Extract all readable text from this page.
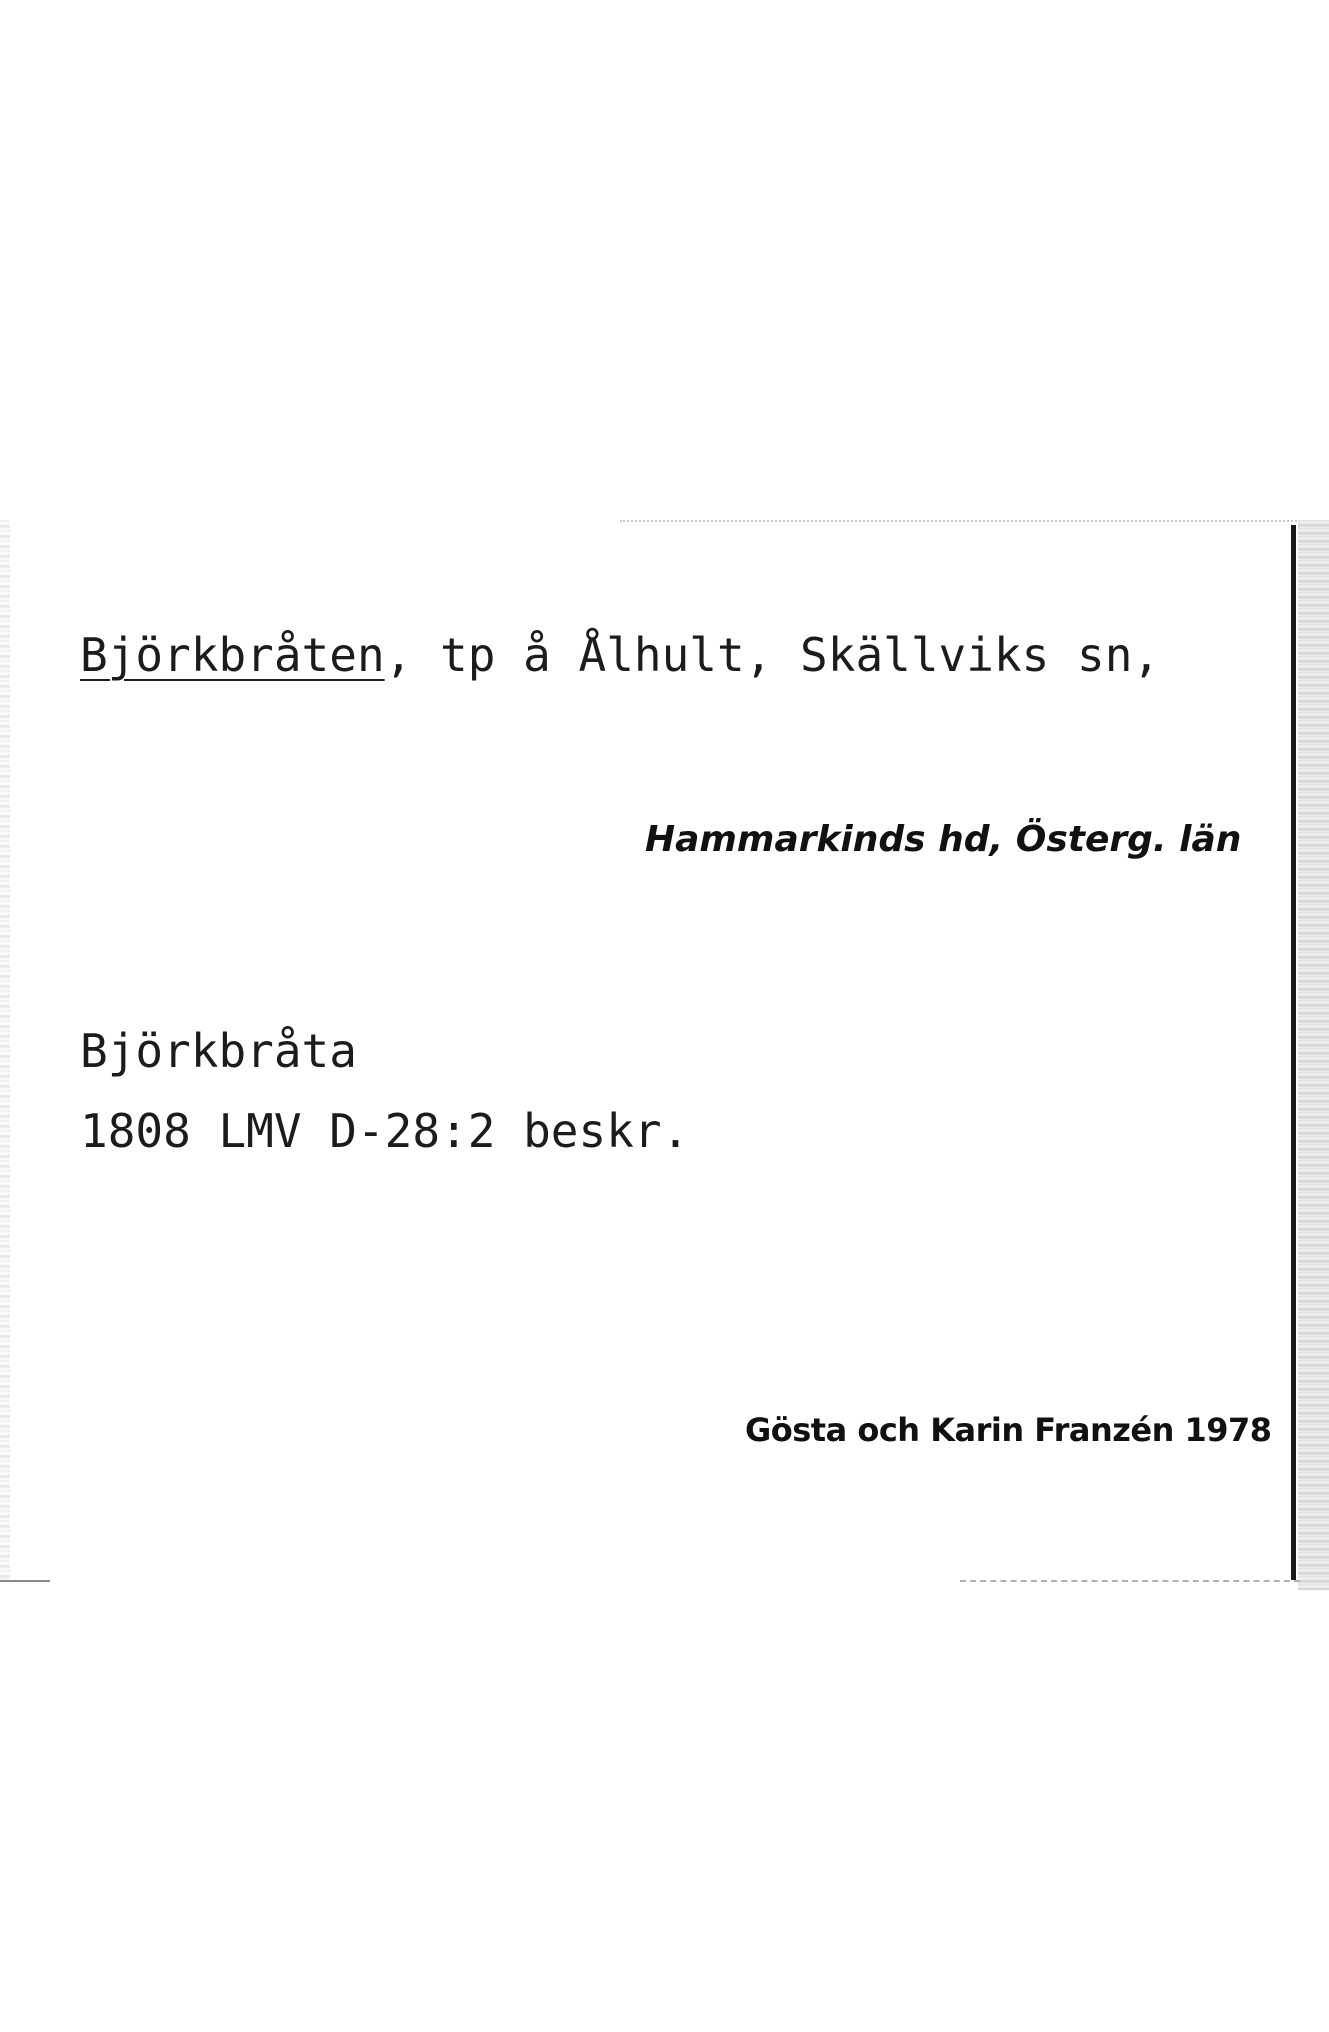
Björkbråten, tp å Ålhult, Skällviks sn,
Hammarkinds hd, Österg. län
Björkbråta
1808 LMV D-28:2 beskr.
Gösta och Karin Franzén 1978
